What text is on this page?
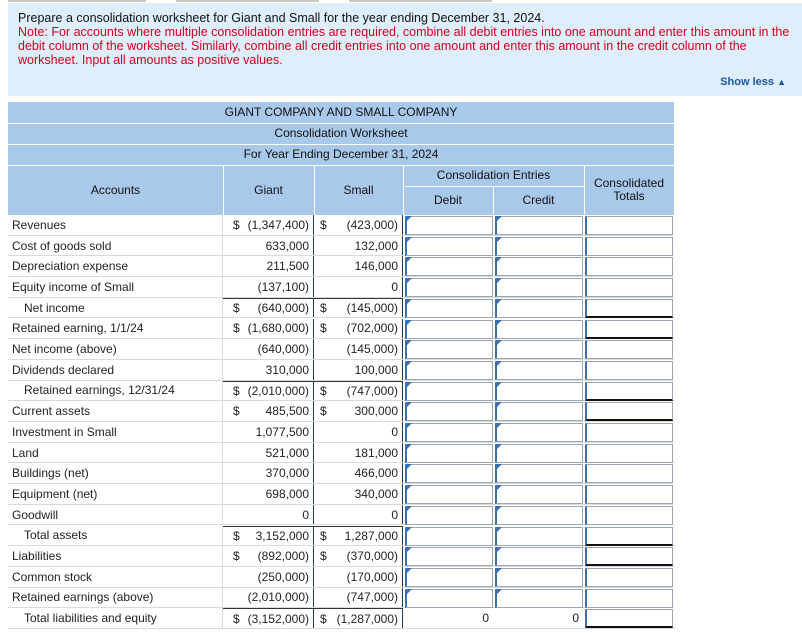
Prepare a consolidation worksheet for Giant and Small for the year ending December 31, 2024.
Note: For accounts where multiple consolidation entries are required, combine all debit entries into one amount and enter this amount in the debit column of the worksheet. Similarly, combine all credit entries into one amount and enter this amount in the credit column of the worksheet. Input all amounts as positive values.
Show less ▲
GIANT COMPANY AND SMALL COMPANY
Consolidation Worksheet
For Year Ending December 31, 2024
Accounts	Giant	Small
Consolidation Entries
Debit	Credit
Consolidated
Totals
Revenues	$ (1,347,400) $ (423,000)
Cost of goods sold	633,000	132,000
Depreciation expense	211,500	146,000
Equity income of Small	(137,100)	0
Net income	$ (640,000) $ (145,000)
Retained earning, 1/1/24	$ (1,680,000) $ (702,000)
Net income (above)	(640,000)	(145,000)
Dividends declared	310,000	100,000
Retained earnings, 12/31/24	$ (2,010,000) $ (747,000)
Current assets	$ 485,500 $ 300,000
Investment in Small	1,077,500	0
Land	521,000	181,000
Buildings (net)	370,000	466,000
Equipment (net)	698,000	340,000
Goodwill	0	0
Total assets	$ 3,152,000 $ 1,287,000
Liabilities	$ (892,000) $ (370,000)
Common stock	(250,000)	(170,000)
Retained earnings (above)	(2,010,000)	(747,000)
Total liabilities and equity	$ (3,152,000) $ (1,287,000)	0	0
